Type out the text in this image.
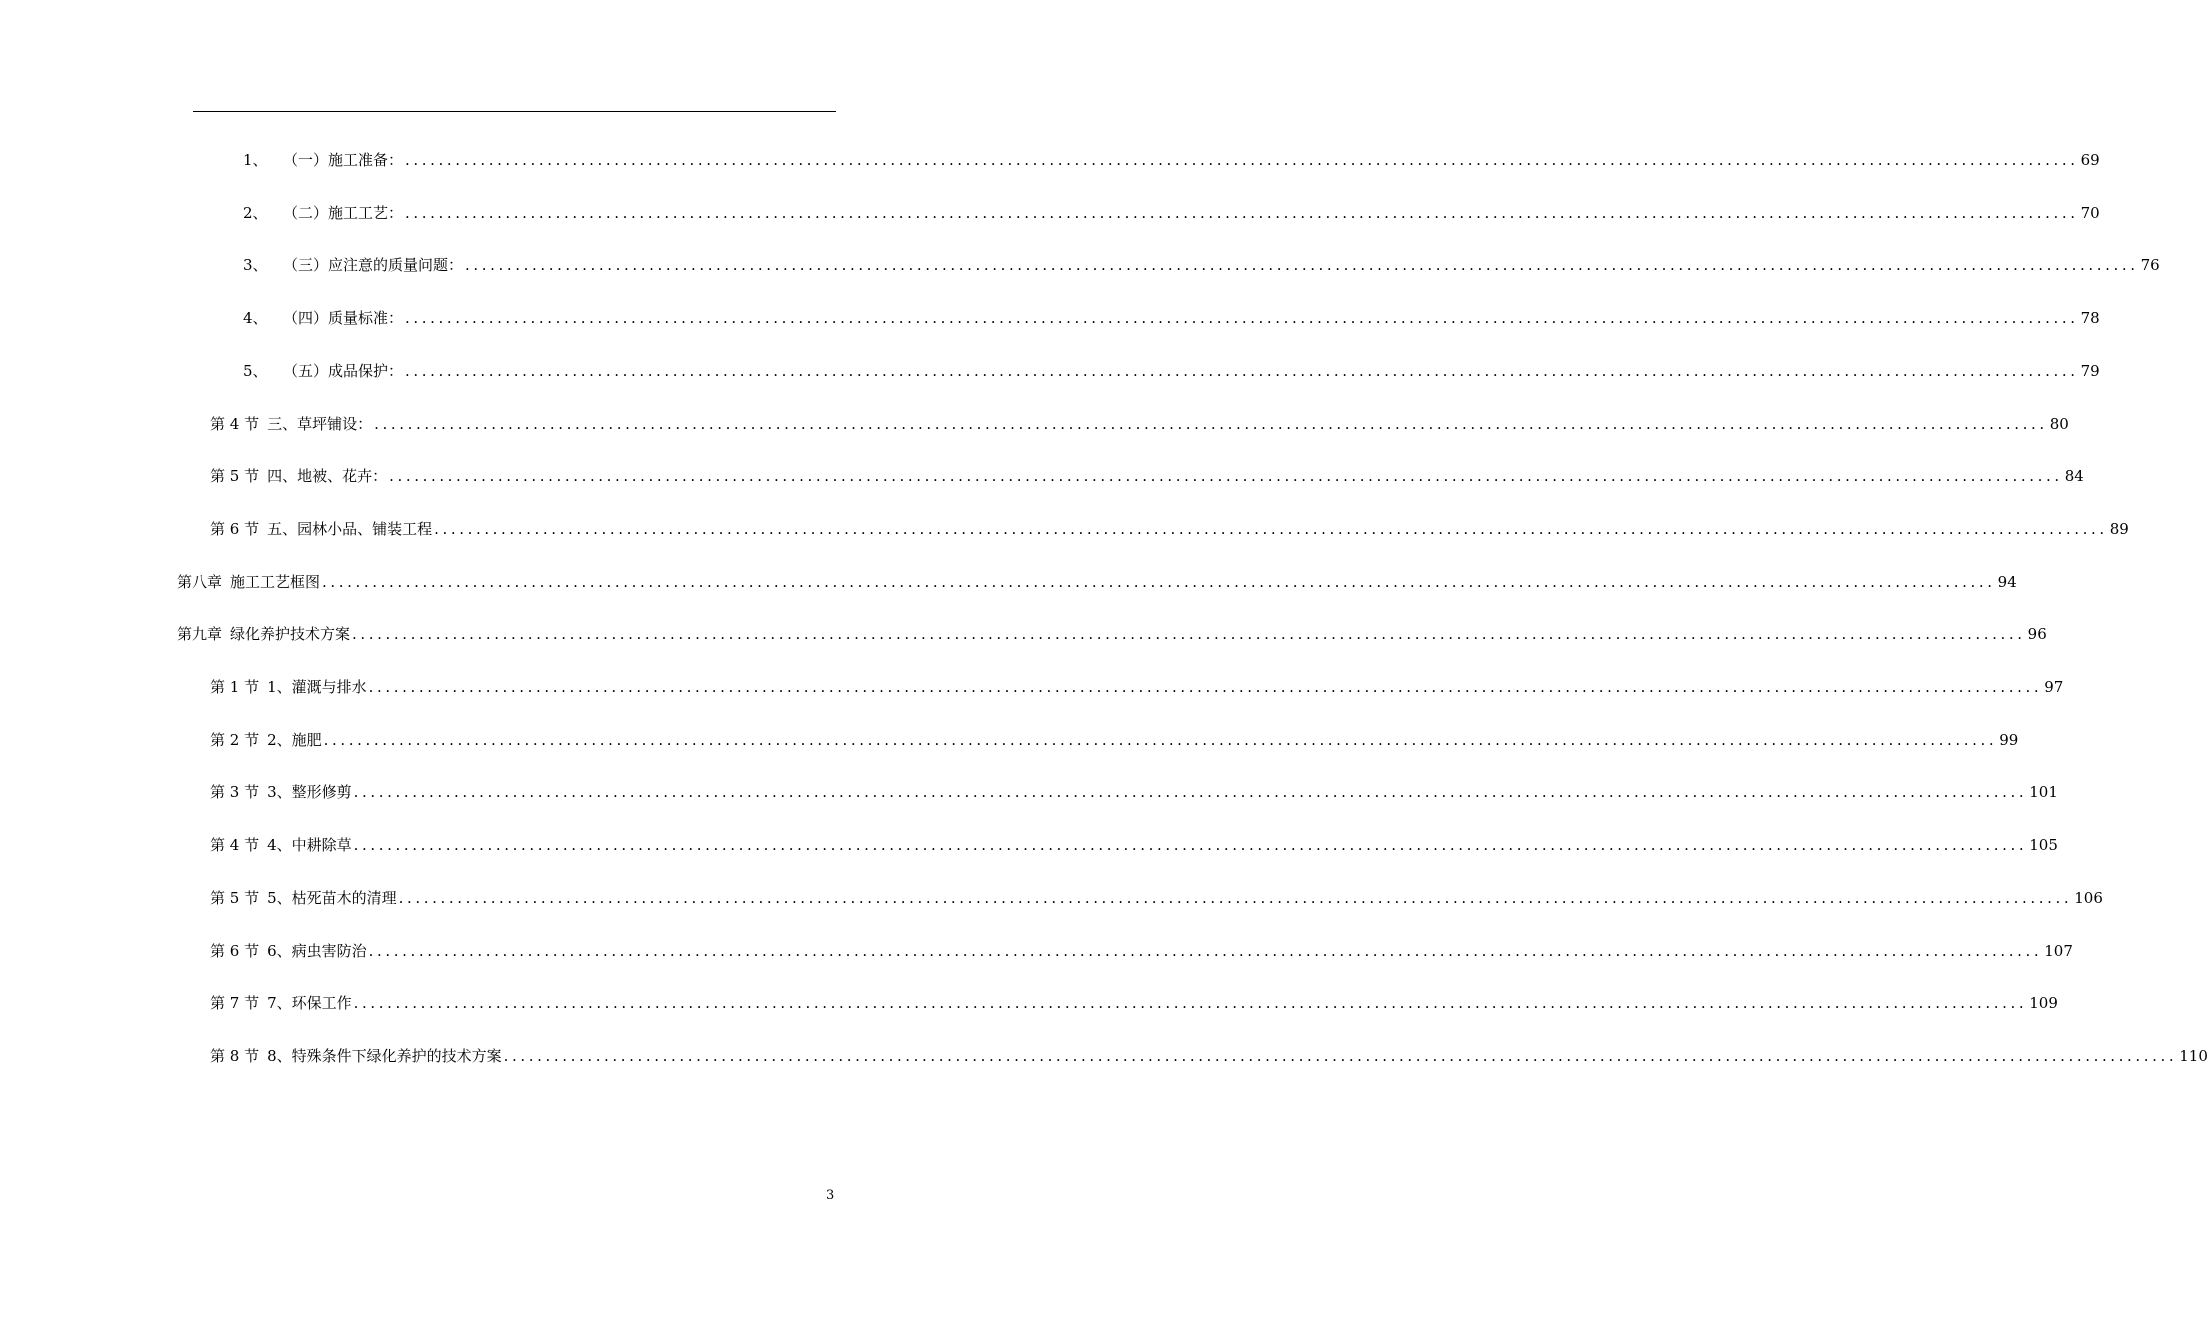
1、	（一）施工准备： ........................................................................................................................................................................................................ 69
2、	（二）施工工艺： ........................................................................................................................................................................................................ 70
3、	（三）应注意的质量问题： ........................................................................................................................................................................................................ 76
4、	（四）质量标准： ........................................................................................................................................................................................................ 78
5、	（五）成品保护： ........................................................................................................................................................................................................ 79
第 4 节 三、草坪铺设： ........................................................................................................................................................................................................ 80
第 5 节 四、地被、花卉： ........................................................................................................................................................................................................ 84
第 6 节 五、园林小品、铺装工程 ........................................................................................................................................................................................................ 89
第八章 施工工艺框图 ........................................................................................................................................................................................................ 94
第九章 绿化养护技术方案 ........................................................................................................................................................................................................ 96
第 1 节 1、灌溉与排水 ........................................................................................................................................................................................................ 97
第 2 节 2、施肥 ........................................................................................................................................................................................................ 99
第 3 节 3、整形修剪 ........................................................................................................................................................................................................ 101
第 4 节 4、中耕除草 ........................................................................................................................................................................................................ 105
第 5 节 5、枯死苗木的清理 ........................................................................................................................................................................................................ 106
第 6 节 6、病虫害防治 ........................................................................................................................................................................................................ 107
第 7 节 7、环保工作 ........................................................................................................................................................................................................ 109
第 8 节 8、特殊条件下绿化养护的技术方案 ........................................................................................................................................................................................................ 110
3
